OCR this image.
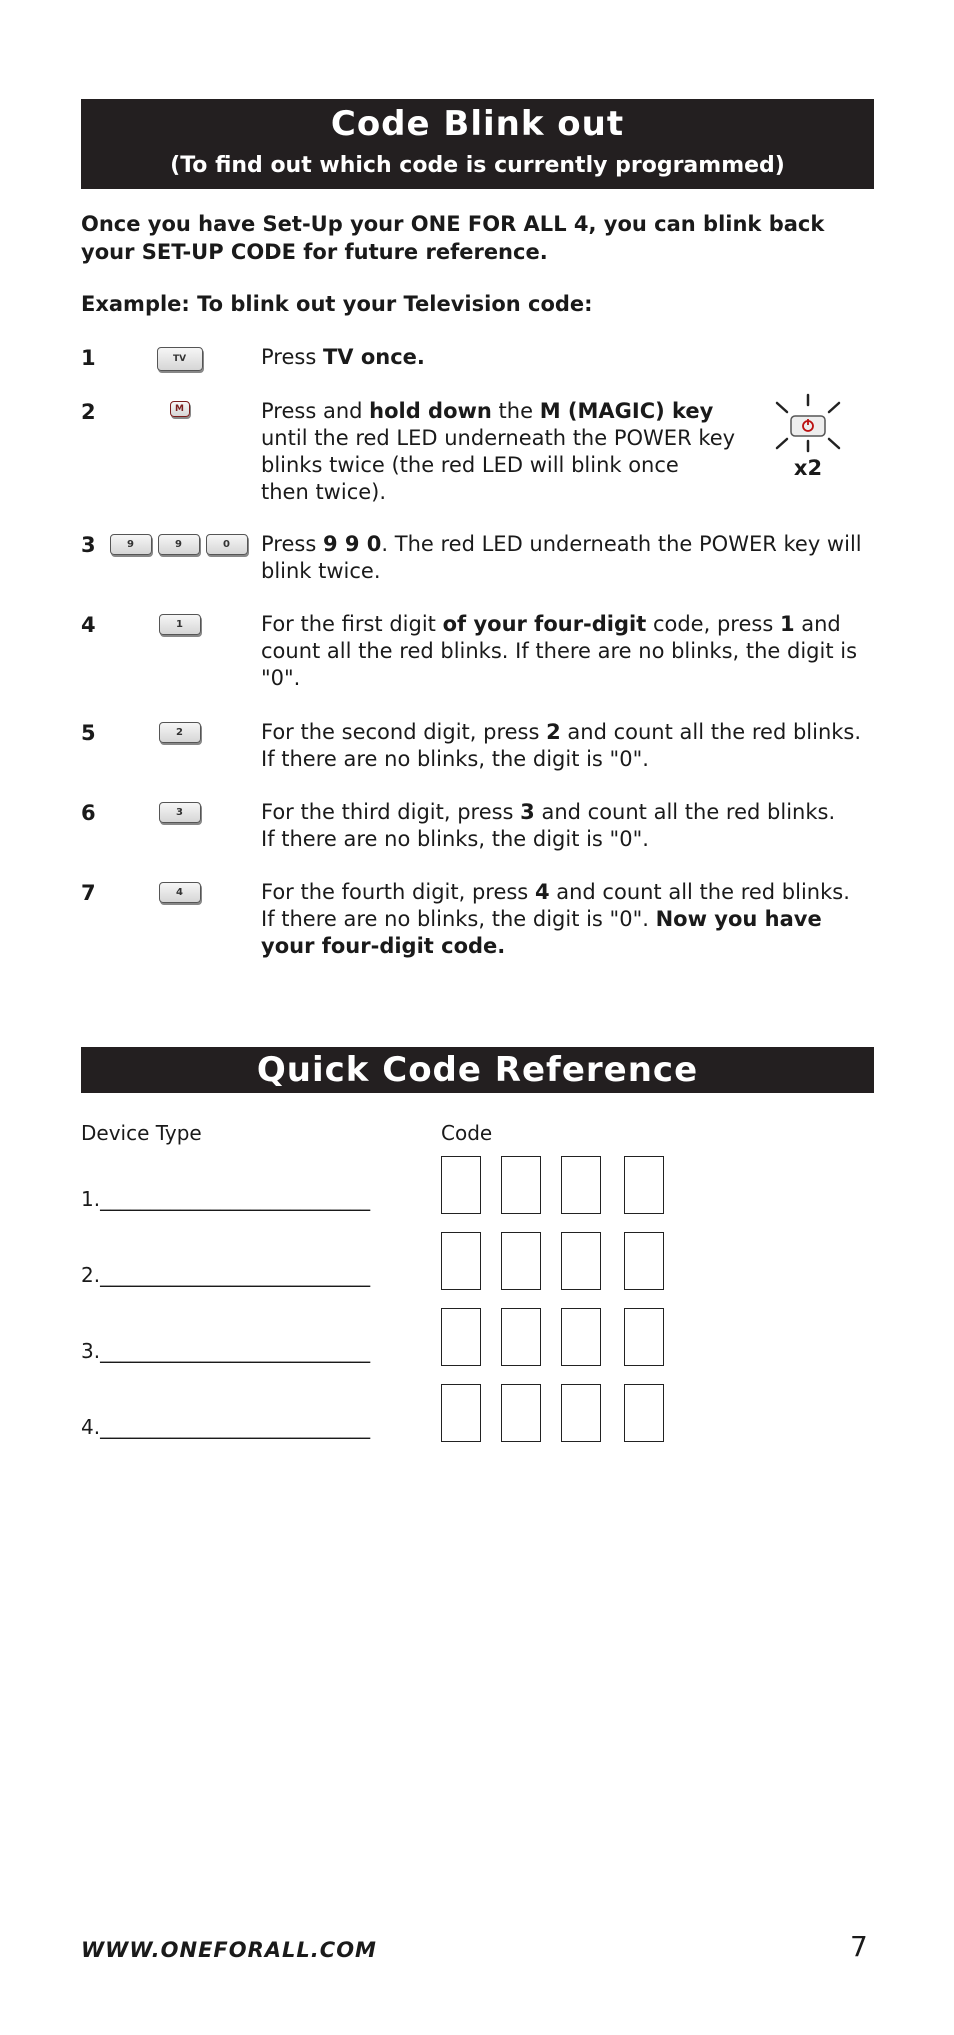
Code Blink out
(To find out which code is currently programmed)
Once you have Set-Up your ONE FOR ALL 4, you can blink back your SET-UP CODE for future reference.
Example: To blink out your Television code:
1	TV	Press TV once.
2	M	Press and hold down the M (MAGIC) key
until the red LED underneath the POWER key
blinks twice (the red LED will blink once
then twice).
x2
3	9	9	0	Press 9 9 0. The red LED underneath the POWER key will
blink twice.
4	1	For the first digit of your four-digit code, press 1 and
count all the red blinks. If there are no blinks, the digit is
"0".
5	2	For the second digit, press 2 and count all the red blinks.
If there are no blinks, the digit is "0".
6	3	For the third digit, press 3 and count all the red blinks.
If there are no blinks, the digit is "0".
7	4	For the fourth digit, press 4 and count all the red blinks.
If there are no blinks, the digit is "0". Now you have
your four-digit code.
Quick Code Reference
Device Type	Code
1.___________________________
2.___________________________
3.___________________________
4.___________________________
WWW.ONEFORALL.COM	7
